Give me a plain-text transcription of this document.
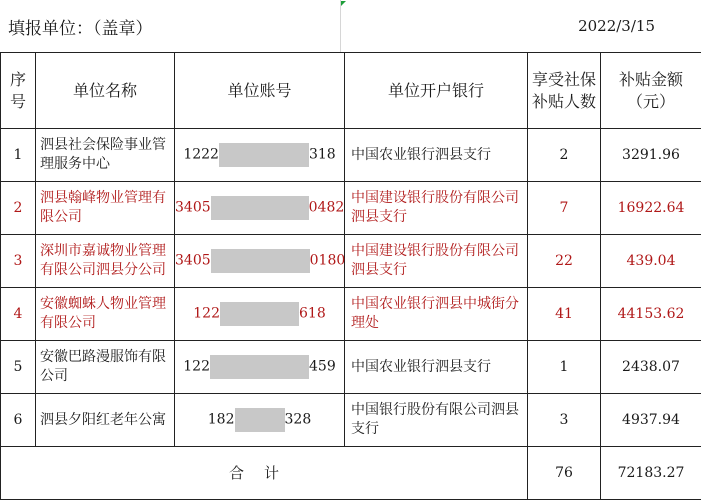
填报单位：（盖章）	2022/3/15
序号	单位名称	单位账号	单位开户银行	享受社保补贴人数	补贴金额（元）

1	泗县社会保险事业管理服务中心	1222 318	中国农业银行泗县支行	2	3291.96
2	泗县翰峰物业管理有限公司	3405 0482	中国建设银行股份有限公司泗县支行	7	16922.64
3	深圳市嘉诚物业管理有限公司泗县分公司	3405 0180	中国建设银行股份有限公司泗县支行	22	439.04
4	安徽蜘蛛人物业管理有限公司	122 618	中国农业银行泗县中城街分理处	41	44153.62
5	安徽巴路漫服饰有限公司	122 459	中国农业银行泗县支行	1	2438.07
6	泗县夕阳红老年公寓	182 328	中国银行股份有限公司泗县支行	3	4937.94
合计				76	72183.27
